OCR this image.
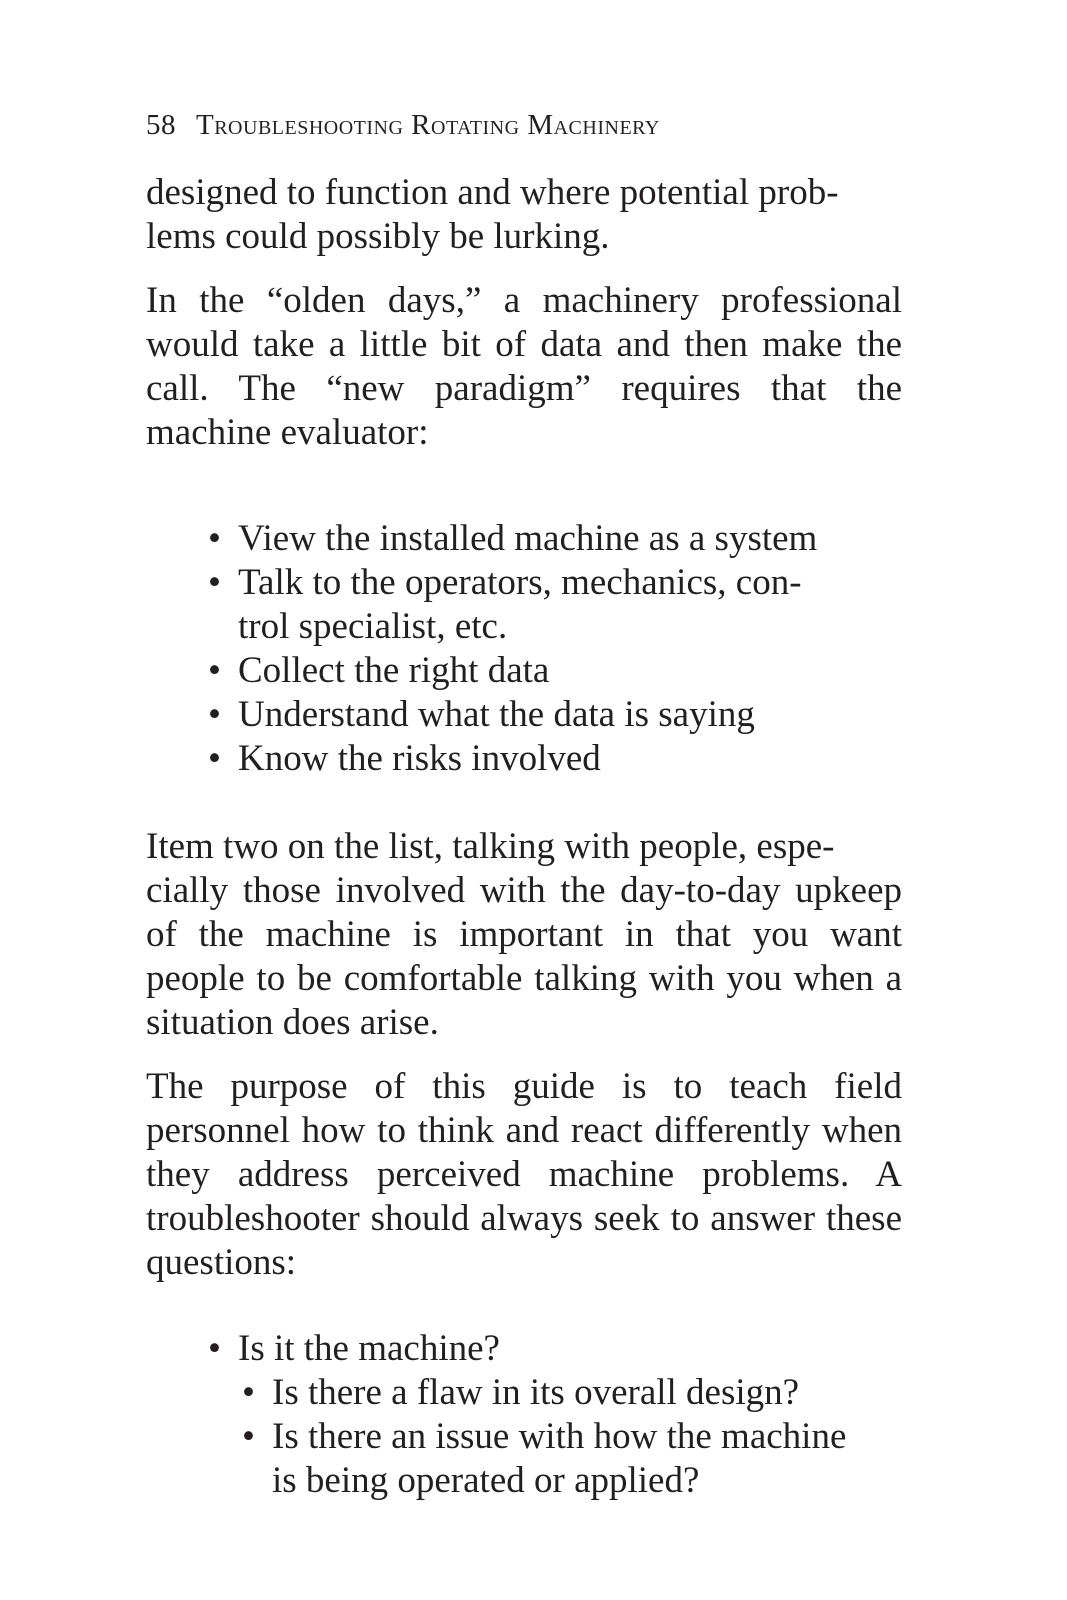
58 Troubleshooting Rotating Machinery

designed to function and where potential prob-
lems could possibly be lurking.

In the “olden days,” a machinery professional would take a little bit of data and then make the call. The “new paradigm” requires that the machine evaluator:

• View the installed machine as a system
• Talk to the operators, mechanics, con-
trol specialist, etc.
• Collect the right data
• Understand what the data is saying
• Know the risks involved

Item two on the list, talking with people, espe-
cially those involved with the day-to-day upkeep of the machine is important in that you want people to be comfortable talking with you when a situation does arise.

The purpose of this guide is to teach field personnel how to think and react differently when they address perceived machine problems. A troubleshooter should always seek to answer these questions:

• Is it the machine?
• Is there a flaw in its overall design?
• Is there an issue with how the machine
is being operated or applied?
